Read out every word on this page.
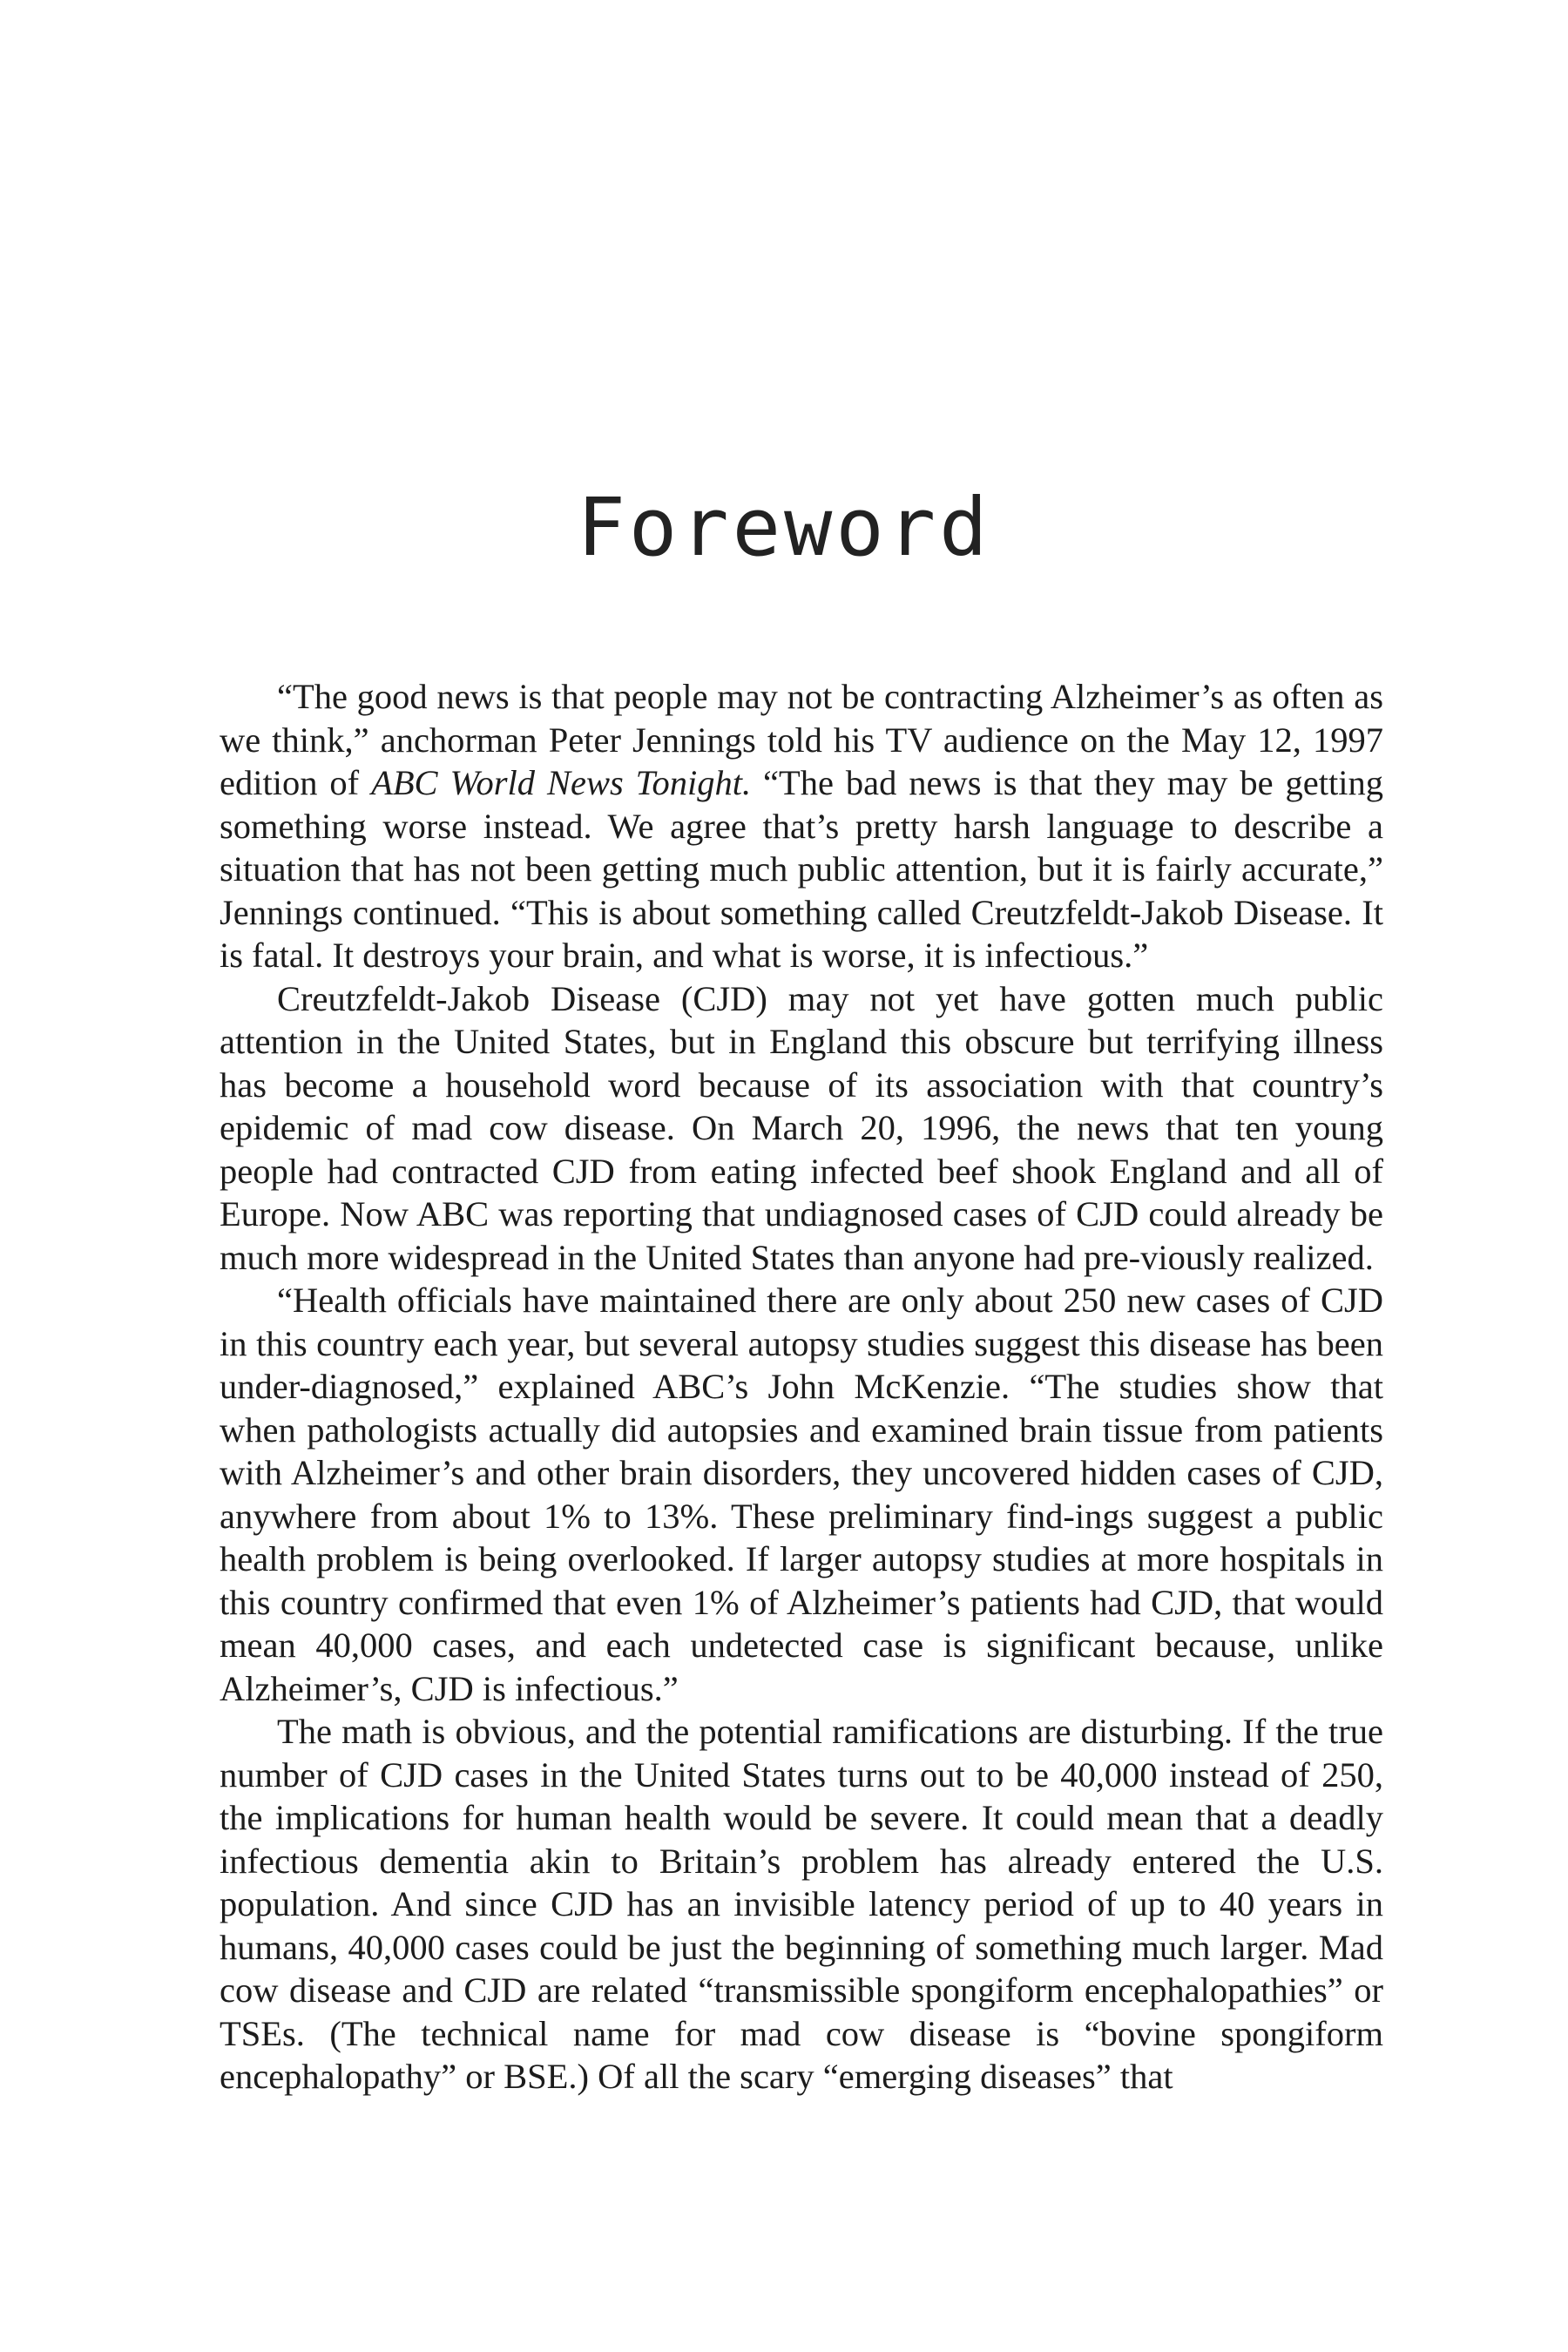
Foreword

“The good news is that people may not be contracting Alzheimer’s as often as we think,” anchorman Peter Jennings told his TV audience on the May 12, 1997 edition of ABC World News Tonight. “The bad news is that they may be getting something worse instead. We agree that’s pretty harsh language to describe a situation that has not been getting much public attention, but it is fairly accurate,” Jennings continued. “This is about something called Creutzfeldt-Jakob Disease. It is fatal. It destroys your brain, and what is worse, it is infectious.”

Creutzfeldt-Jakob Disease (CJD) may not yet have gotten much public attention in the United States, but in England this obscure but terrifying illness has become a household word because of its association with that country’s epidemic of mad cow disease. On March 20, 1996, the news that ten young people had contracted CJD from eating infected beef shook England and all of Europe. Now ABC was reporting that undiagnosed cases of CJD could already be much more widespread in the United States than anyone had pre-viously realized.

“Health officials have maintained there are only about 250 new cases of CJD in this country each year, but several autopsy studies suggest this disease has been under-diagnosed,” explained ABC’s John McKenzie. “The studies show that when pathologists actually did autopsies and examined brain tissue from patients with Alzheimer’s and other brain disorders, they uncovered hidden cases of CJD, anywhere from about 1% to 13%. These preliminary find-ings suggest a public health problem is being overlooked. If larger autopsy studies at more hospitals in this country confirmed that even 1% of Alzheimer’s patients had CJD, that would mean 40,000 cases, and each undetected case is significant because, unlike Alzheimer’s, CJD is infectious.”

The math is obvious, and the potential ramifications are disturbing. If the true number of CJD cases in the United States turns out to be 40,000 instead of 250, the implications for human health would be severe. It could mean that a deadly infectious dementia akin to Britain’s problem has already entered the U.S. population. And since CJD has an invisible latency period of up to 40 years in humans, 40,000 cases could be just the beginning of something much larger. Mad cow disease and CJD are related “transmissible spongiform encephalopathies” or TSEs. (The technical name for mad cow disease is “bovine spongiform encephalopathy” or BSE.) Of all the scary “emerging diseases” that
